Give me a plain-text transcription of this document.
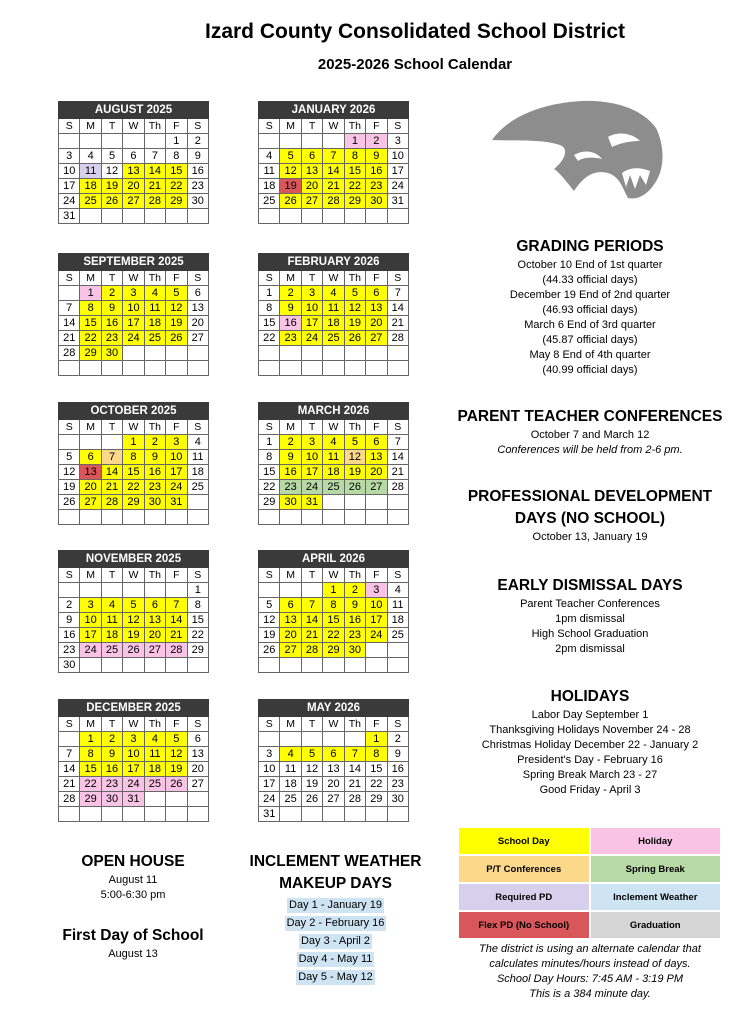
Izard County Consolidated School District
2025-2026 School Calendar
AUGUST 2025						
S	M	T	W	Th	F	S
					1	2
3	4	5	6	7	8	9
10	11	12	13	14	15	16
17	18	19	20	21	22	23
24	25	26	27	28	29	30
31						
SEPTEMBER 2025						
S	M	T	W	Th	F	S
	1	2	3	4	5	6
7	8	9	10	11	12	13
14	15	16	17	18	19	20
21	22	23	24	25	26	27
28	29	30				

OCTOBER 2025						
S	M	T	W	Th	F	S
			1	2	3	4
5	6	7	8	9	10	11
12	13	14	15	16	17	18
19	20	21	22	23	24	25
26	27	28	29	30	31	

NOVEMBER 2025						
S	M	T	W	Th	F	S
						1
2	3	4	5	6	7	8
9	10	11	12	13	14	15
16	17	18	19	20	21	22
23	24	25	26	27	28	29
30						
DECEMBER 2025						
S	M	T	W	Th	F	S
	1	2	3	4	5	6
7	8	9	10	11	12	13
14	15	16	17	18	19	20
21	22	23	24	25	26	27
28	29	30	31			

JANUARY 2026						
S	M	T	W	Th	F	S
				1	2	3
4	5	6	7	8	9	10
11	12	13	14	15	16	17
18	19	20	21	22	23	24
25	26	27	28	29	30	31

FEBRUARY 2026						
S	M	T	W	Th	F	S
1	2	3	4	5	6	7
8	9	10	11	12	13	14
15	16	17	18	19	20	21
22	23	24	25	26	27	28

MARCH 2026						
S	M	T	W	Th	F	S
1	2	3	4	5	6	7
8	9	10	11	12	13	14
15	16	17	18	19	20	21
22	23	24	25	26	27	28
29	30	31				

APRIL 2026						
S	M	T	W	Th	F	S
			1	2	3	4
5	6	7	8	9	10	11
12	13	14	15	16	17	18
19	20	21	22	23	24	25
26	27	28	29	30		

MAY 2026						
S	M	T	W	Th	F	S
					1	2
3	4	5	6	7	8	9
10	11	12	13	14	15	16
17	18	19	20	21	22	23
24	25	26	27	28	29	30
31						
GRADING PERIODS
October 10 End of 1st quarter
(44.33 official days)
December 19 End of 2nd quarter
(46.93 official days)
March 6 End of 3rd quarter
(45.87 official days)
May 8 End of 4th quarter
(40.99 official days)
PARENT TEACHER CONFERENCES
October 7 and March 12
Conferences will be held from 2-6 pm.
PROFESSIONAL DEVELOPMENT
DAYS (NO SCHOOL)
October 13, January 19
EARLY DISMISSAL DAYS
Parent Teacher Conferences
1pm dismissal
High School Graduation
2pm dismissal
HOLIDAYS
Labor Day September 1
Thanksgiving Holidays November 24 - 28
Christmas Holiday December 22 - January 2
President's Day - February 16
Spring Break March 23 - 27
Good Friday - April 3
School Day	Holiday
P/T Conferences	Spring Break
Required PD	Inclement Weather
Flex PD (No School)	Graduation
The district is using an alternate calendar that
calculates minutes/hours instead of days.
School Day Hours: 7:45 AM - 3:19 PM
This is a 384 minute day.
OPEN HOUSE
August 11
5:00-6:30 pm
First Day of School
August 13
INCLEMENT WEATHER
MAKEUP DAYS
Day 1 - January 19
Day 2 - February 16
Day 3 - April 2
Day 4 - May 11
Day 5 - May 12
